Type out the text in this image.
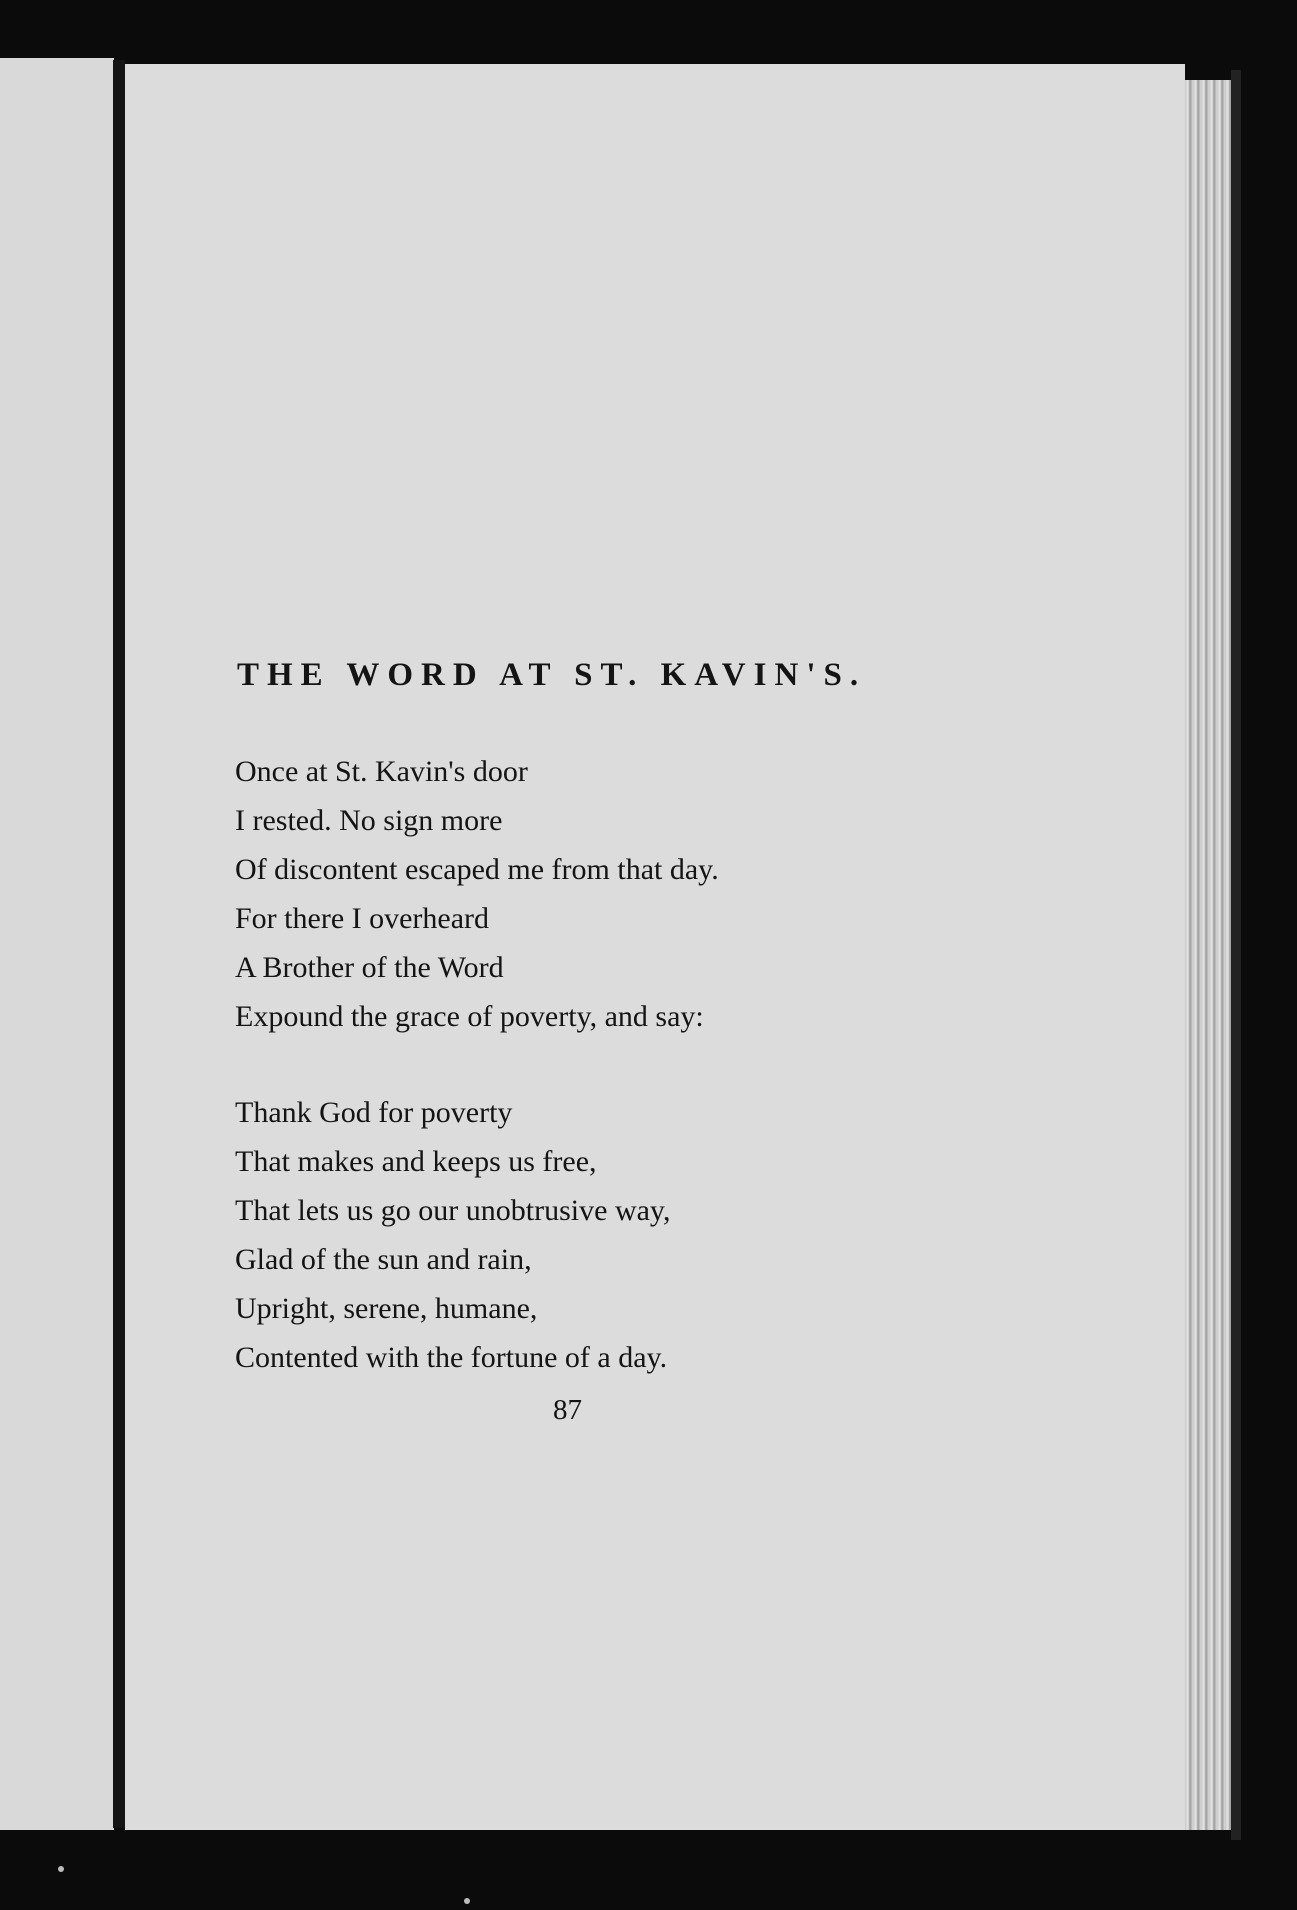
THE WORD AT ST. KAVIN'S.
Once at St. Kavin's door
I rested. No sign more
Of discontent escaped me from that day.
For there I overheard
A Brother of the Word
Expound the grace of poverty, and say:
Thank God for poverty
That makes and keeps us free,
That lets us go our unobtrusive way,
Glad of the sun and rain,
Upright, serene, humane,
Contented with the fortune of a day.

87
